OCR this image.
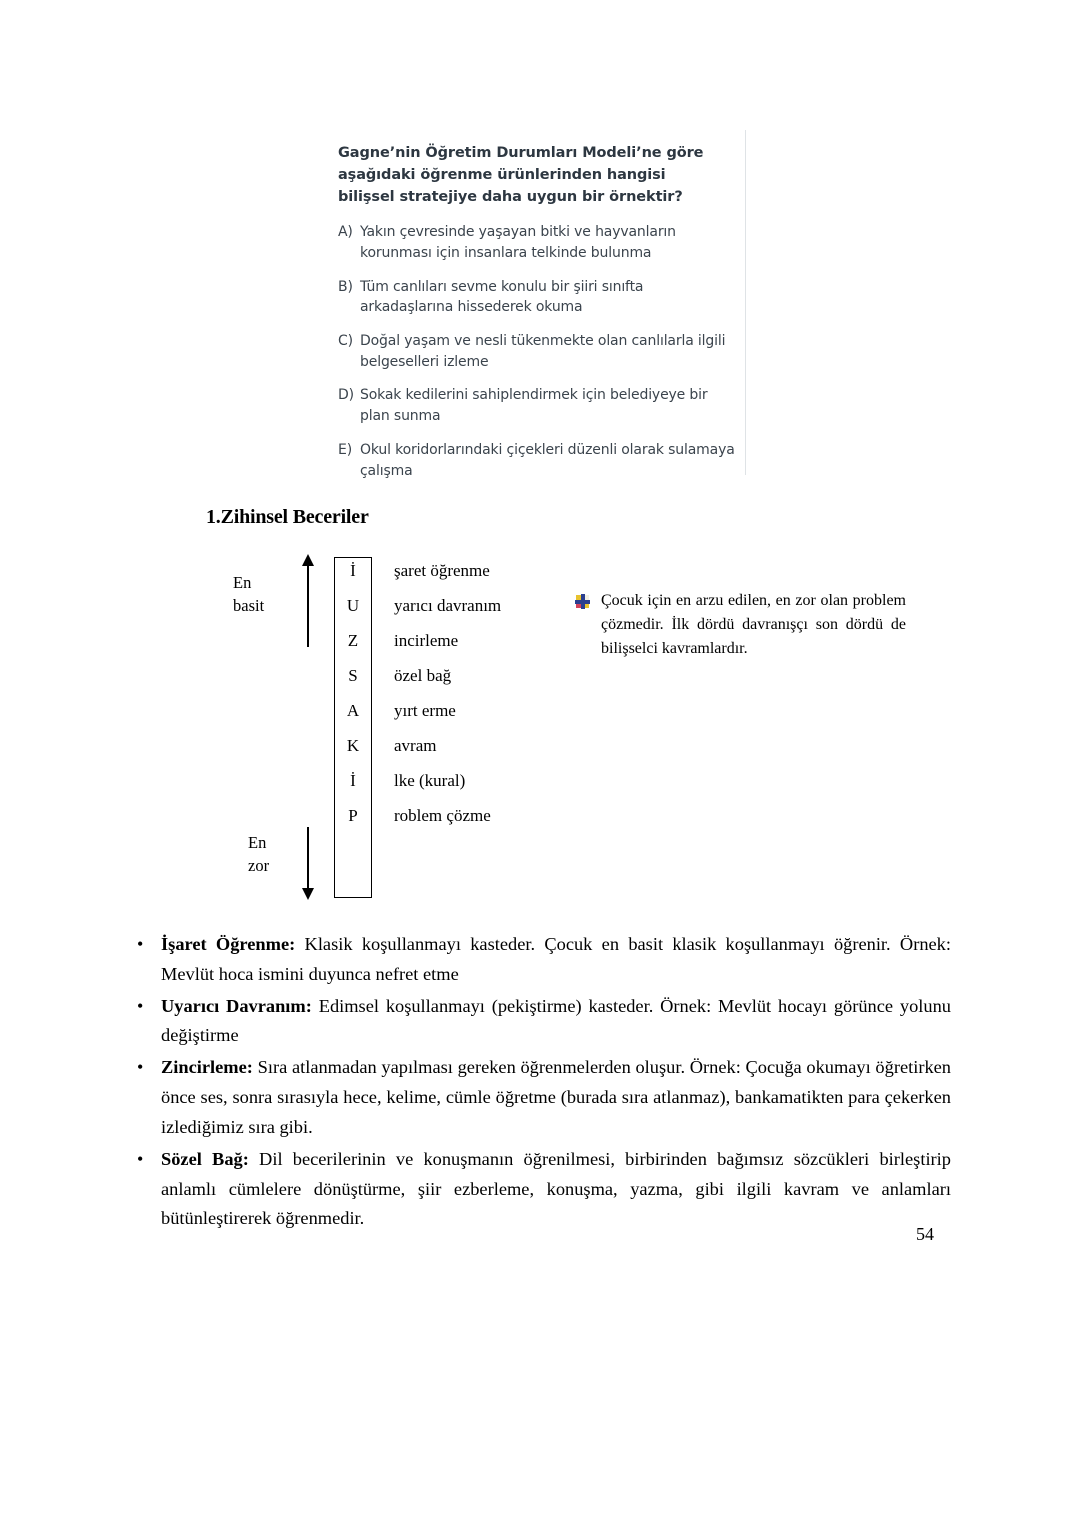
Gagne’nin Öğretim Durumları Modeli’ne göre aşağıdaki öğrenme ürünlerinden hangisi bilişsel stratejiye daha uygun bir örnektir?

A) Yakın çevresinde yaşayan bitki ve hayvanların korunması için insanlara telkinde bulunma
B) Tüm canlıları sevme konulu bir şiiri sınıfta arkadaşlarına hissederek okuma
C) Doğal yaşam ve nesli tükenmekte olan canlılarla ilgili belgeselleri izleme
D) Sokak kedilerini sahiplendirmek için belediyeye bir plan sunma
E) Okul koridorlarındaki çiçekleri düzenli olarak sulamaya çalışma
1.Zihinsel Beceriler
En
basit
En
zor
İ	şaret öğrenme
U	yarıcı davranım
Z	incirleme
S	özel bağ
A	yırt erme
K	avram
İ	lke (kural)
P	roblem çözme
Çocuk için en arzu edilen, en zor olan problem çözmedir. İlk dördü davranışçı son dördü de bilişselci kavramlardır.
• İşaret Öğrenme: Klasik koşullanmayı kasteder. Çocuk en basit klasik koşullanmayı öğrenir. Örnek: Mevlüt hoca ismini duyunca nefret etme
• Uyarıcı Davranım: Edimsel koşullanmayı (pekiştirme) kasteder. Örnek: Mevlüt hocayı görünce yolunu değiştirme
• Zincirleme: Sıra atlanmadan yapılması gereken öğrenmelerden oluşur. Örnek: Çocuğa okumayı öğretirken önce ses, sonra sırasıyla hece, kelime, cümle öğretme (burada sıra atlanmaz), bankamatikten para çekerken izlediğimiz sıra gibi.
• Sözel Bağ: Dil becerilerinin ve konuşmanın öğrenilmesi, birbirinden bağımsız sözcükleri birleştirip anlamlı cümlelere dönüştürme, şiir ezberleme, konuşma, yazma, gibi ilgili kavram ve anlamları bütünleştirerek öğrenmedir.
54
